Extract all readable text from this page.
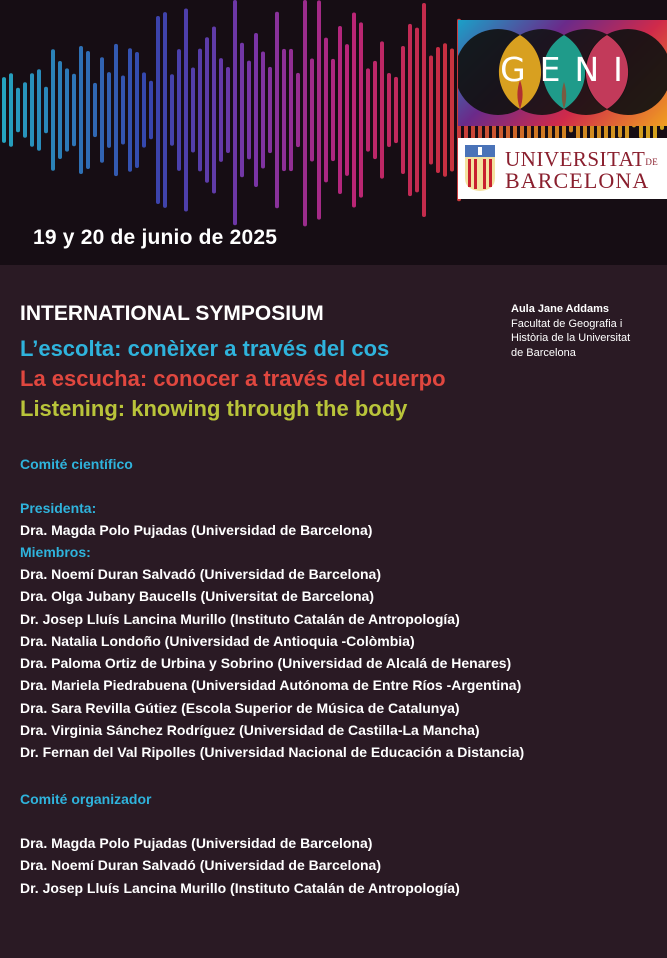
19 y 20 de junio de 2025
GENI
UNIVERSITATDE
BARCELONA
INTERNATIONAL SYMPOSIUM
L’escolta: conèixer a través del cos
La escucha: conocer a través del cuerpo
Listening: knowing through the body
Aula Jane Addams
Facultat de Geografia i
Història de la Universitat
de Barcelona
Comité científico
Presidenta:
Dra. Magda Polo Pujadas (Universidad de Barcelona)
Miembros:
Dra. Noemí Duran Salvadó (Universidad de Barcelona)
Dra. Olga Jubany Baucells (Universitat de Barcelona)
Dr. Josep Lluís Lancina Murillo (Instituto Catalán de Antropología)
Dra. Natalia Londoño (Universidad de Antioquia -Colòmbia)
Dra. Paloma Ortiz de Urbina y Sobrino (Universidad de Alcalá de Henares)
Dra. Mariela Piedrabuena (Universidad Autónoma de Entre Ríos -Argentina)
Dra. Sara Revilla Gútiez (Escola Superior de Música de Catalunya)
Dra. Virginia Sánchez Rodríguez (Universidad de Castilla-La Mancha)
Dr. Fernan del Val Ripolles (Universidad Nacional de Educación a Distancia)
Comité organizador
Dra. Magda Polo Pujadas (Universidad de Barcelona)
Dra. Noemí Duran Salvadó (Universidad de Barcelona)
Dr. Josep Lluís Lancina Murillo (Instituto Catalán de Antropología)
